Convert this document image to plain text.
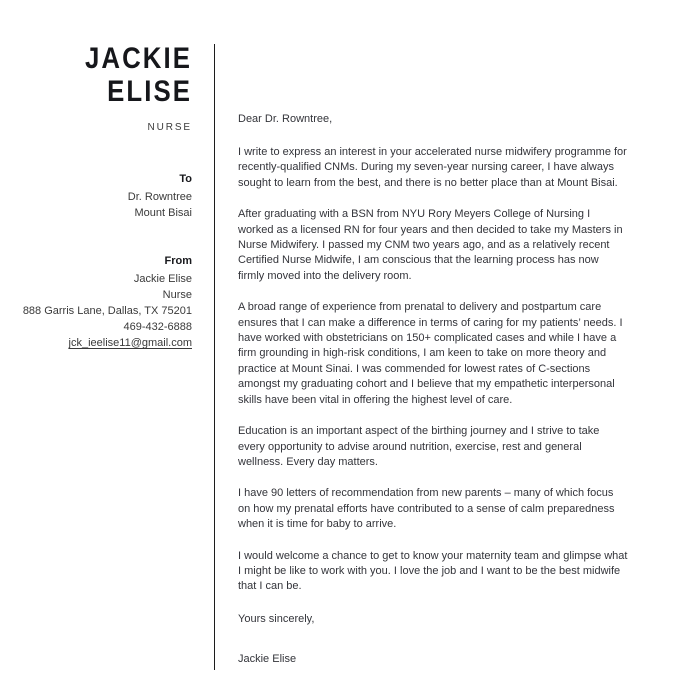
JACKIE
ELISE
NURSE
To
Dr. Rowntree
Mount Bisai
From
Jackie Elise
Nurse
888 Garris Lane, Dallas, TX 75201
469-432-6888
jck_ieelise11@gmail.com

Dear Dr. Rowntree,

I write to express an interest in your accelerated nurse midwifery programme for recently-qualified CNMs. During my seven-year nursing career, I have always sought to learn from the best, and there is no better place than at Mount Bisai.

After graduating with a BSN from NYU Rory Meyers College of Nursing I worked as a licensed RN for four years and then decided to take my Masters in Nurse Midwifery. I passed my CNM two years ago, and as a relatively recent Certified Nurse Midwife, I am conscious that the learning process has now firmly moved into the delivery room.

A broad range of experience from prenatal to delivery and postpartum care ensures that I can make a difference in terms of caring for my patients’ needs. I have worked with obstetricians on 150+ complicated cases and while I have a firm grounding in high-risk conditions, I am keen to take on more theory and practice at Mount Sinai. I was commended for lowest rates of C-sections amongst my graduating cohort and I believe that my empathetic interpersonal skills have been vital in offering the highest level of care.

Education is an important aspect of the birthing journey and I strive to take every opportunity to advise around nutrition, exercise, rest and general wellness. Every day matters.

I have 90 letters of recommendation from new parents – many of which focus on how my prenatal efforts have contributed to a sense of calm preparedness when it is time for baby to arrive.

I would welcome a chance to get to know your maternity team and glimpse what I might be like to work with you. I love the job and I want to be the best midwife that I can be.

Yours sincerely,

Jackie Elise
